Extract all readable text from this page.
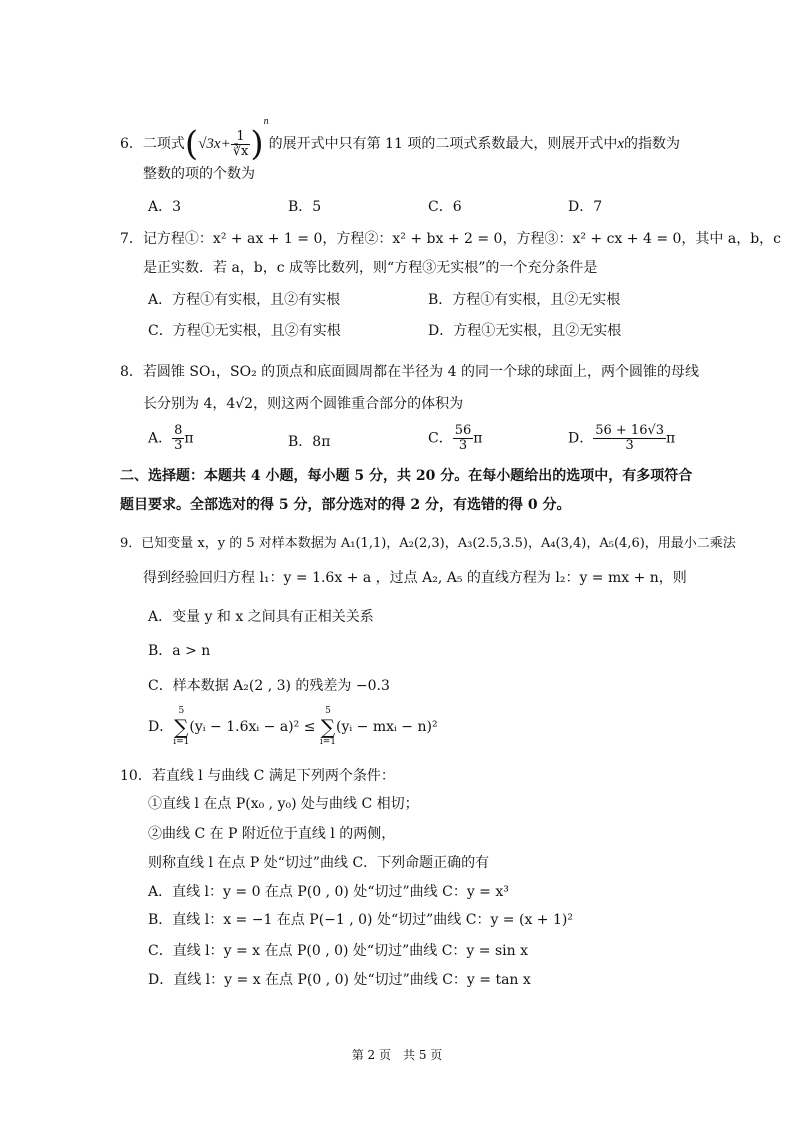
6．二项式$(√3x+ \frac{1}{∛x} )^n$的展开式中只有第 11 项的二项式系数最大，则展开式中x的指数为
整数的项的个数为
A．3	B．5	C．6	D．7
7．记方程①：x² + ax + 1 = 0，方程②：x² + bx + 2 = 0，方程③：x² + cx + 4 = 0，其中 a，b，c
是正实数．若 a，b，c 成等比数列，则“方程③无实根”的一个充分条件是
A．方程①有实根，且②有实根	B．方程①有实根，且②无实根
C．方程①无实根，且②有实根	D．方程①无实根，且②无实根
8．若圆锥 SO₁，SO₂ 的顶点和底面圆周都在半径为 4 的同一个球的球面上，两个圆锥的母线
长分别为 4，4√2，则这两个圆锥重合部分的体积为
A． $\frac{8}{3}$ π	B．8π	C． $\frac{56}{3}$ π	D． $\frac{56 + 16√3}{3}$ π
二、选择题：本题共 4 小题，每小题 5 分，共 20 分。在每小题给出的选项中，有多项符合
题目要求。全部选对的得 5 分，部分选对的得 2 分，有选错的得 0 分。
9．已知变量 x，y 的 5 对样本数据为 A₁(1,1)，A₂(2,3)，A₃(2.5,3.5)，A₄(3,4)，A₅(4,6)，用最小二乘法
得到经验回归方程 l₁：y = 1.6x + a ，过点 A₂, A₅ 的直线方程为 l₂：y = mx + n，则
A．变量 y 和 x 之间具有正相关关系
B．a > n
C．样本数据 A₂(2 , 3) 的残差为 −0.3
D．5
∑
i=1(yᵢ − 1.6xᵢ − a)² ≤ 5
∑
i=1(yᵢ − mxᵢ − n)²
10．若直线 l 与曲线 C 满足下列两个条件：
①直线 l 在点 P(x₀ , y₀) 处与曲线 C 相切；
②曲线 C 在 P 附近位于直线 l 的两侧，
则称直线 l 在点 P 处“切过”曲线 C．下列命题正确的有
A．直线 l：y = 0 在点 P(0 , 0) 处“切过”曲线 C：y = x³
B．直线 l：x = −1 在点 P(−1 , 0) 处“切过”曲线 C：y = (x + 1)²
C．直线 l：y = x 在点 P(0 , 0) 处“切过”曲线 C：y = sin x
D．直线 l：y = x 在点 P(0 , 0) 处“切过”曲线 C：y = tan x
第 2 页　共 5 页
